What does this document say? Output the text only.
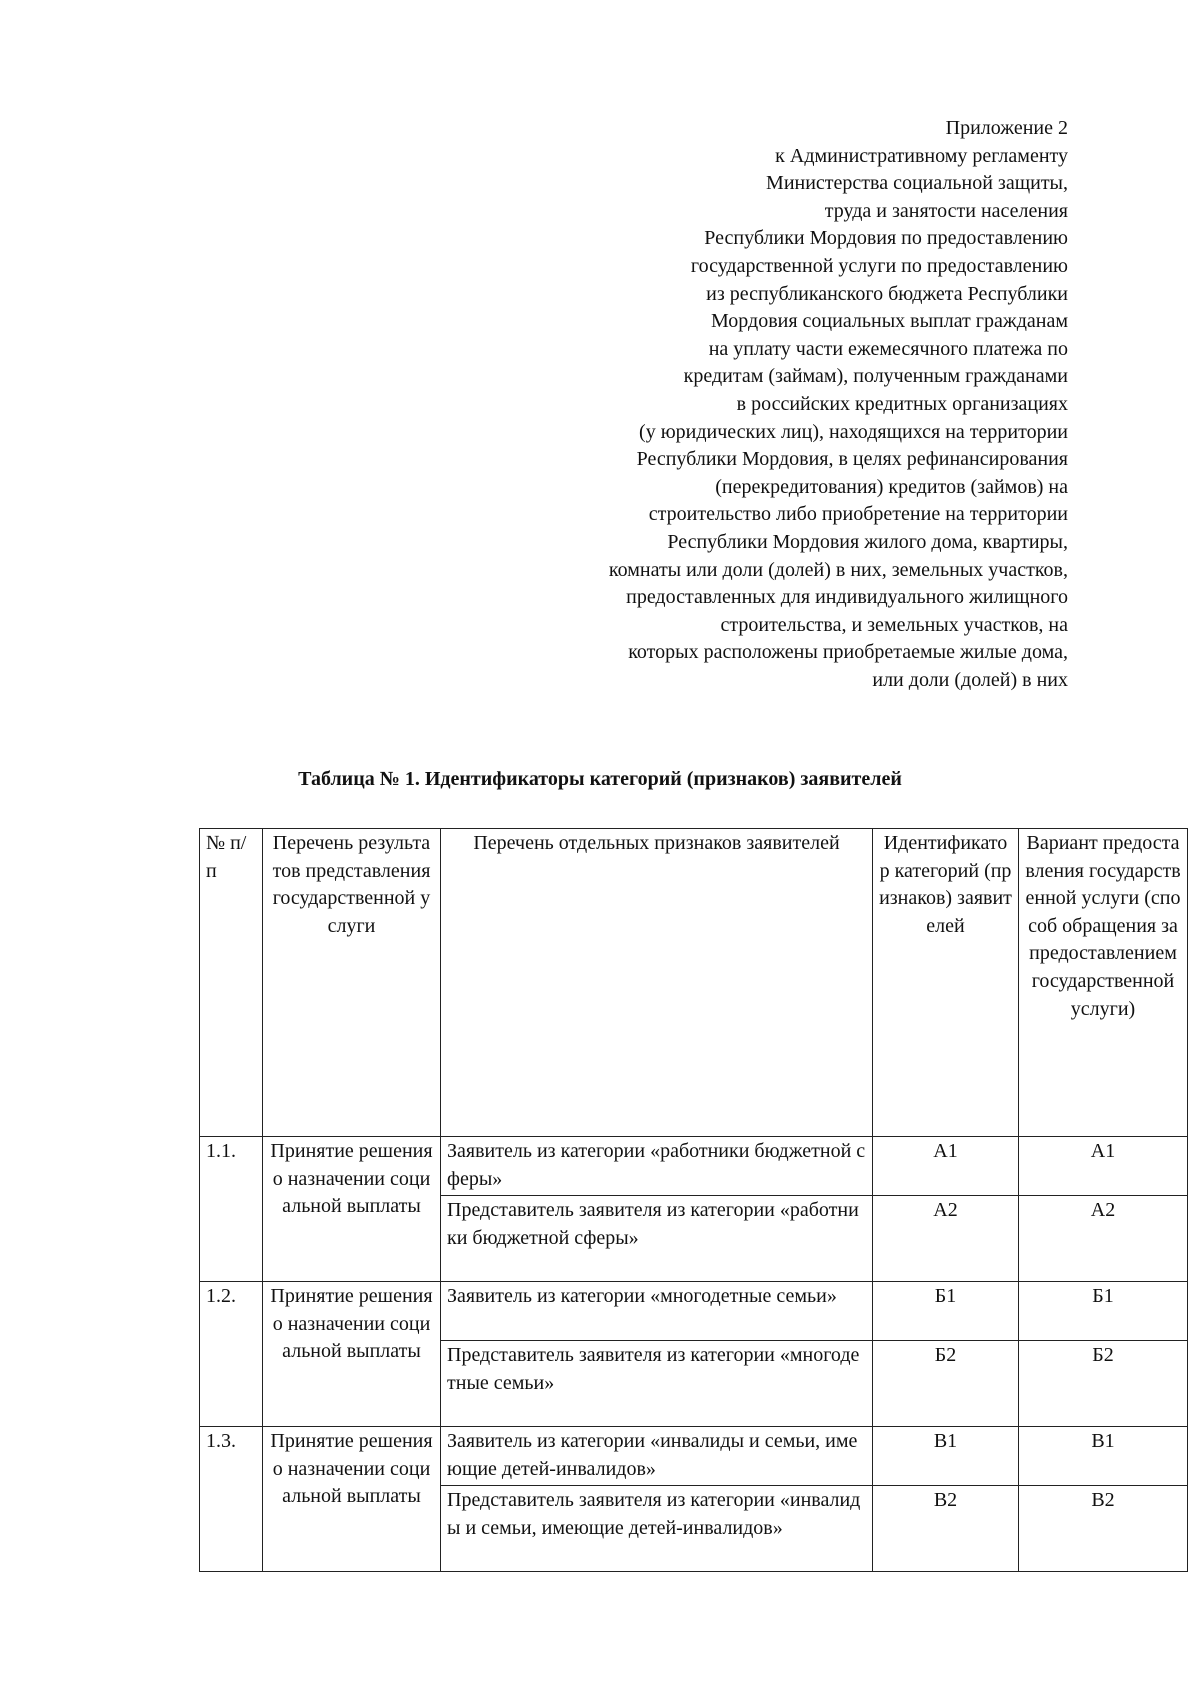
Приложение 2
к Административному регламенту
Министерства социальной защиты,
труда и занятости населения
Республики Мордовия по предоставлению
государственной услуги по предоставлению
из республиканского бюджета Республики
Мордовия социальных выплат гражданам
на уплату части ежемесячного платежа по
кредитам (займам), полученным гражданами
в российских кредитных организациях
(у юридических лиц), находящихся на территории
Республики Мордовия, в целях рефинансирования
(перекредитования) кредитов (займов) на
строительство либо приобретение на территории
Республики Мордовия жилого дома, квартиры,
комнаты или доли (долей) в них, земельных участков,
предоставленных для индивидуального жилищного
строительства, и земельных участков, на
которых расположены приобретаемые жилые дома,
или доли (долей) в них
Таблица № 1. Идентификаторы категорий (признаков) заявителей
№ п/п	Перечень результатов представления государственной услуги	Перечень отдельных признаков заявителей	Идентификатор категорий (признаков) заявителей	Вариант предоставления государственной услуги (способ обращения за предоставлением государственной услуги)
1.1.	Принятие решения о назначении социальной выплаты	Заявитель из категории «работники бюджетной сферы»	А1	А1
		Представитель заявителя из категории «работники бюджетной сферы»	А2	А2
1.2.	Принятие решения о назначении социальной выплаты	Заявитель из категории «многодетные семьи»	Б1	Б1
		Представитель заявителя из категории «многодетные семьи»	Б2	Б2
1.3.	Принятие решения о назначении социальной выплаты	Заявитель из категории «инвалиды и семьи, имеющие детей-инвалидов»	В1	В1
		Представитель заявителя из категории «инвалиды и семьи, имеющие детей-инвалидов»	В2	В2
